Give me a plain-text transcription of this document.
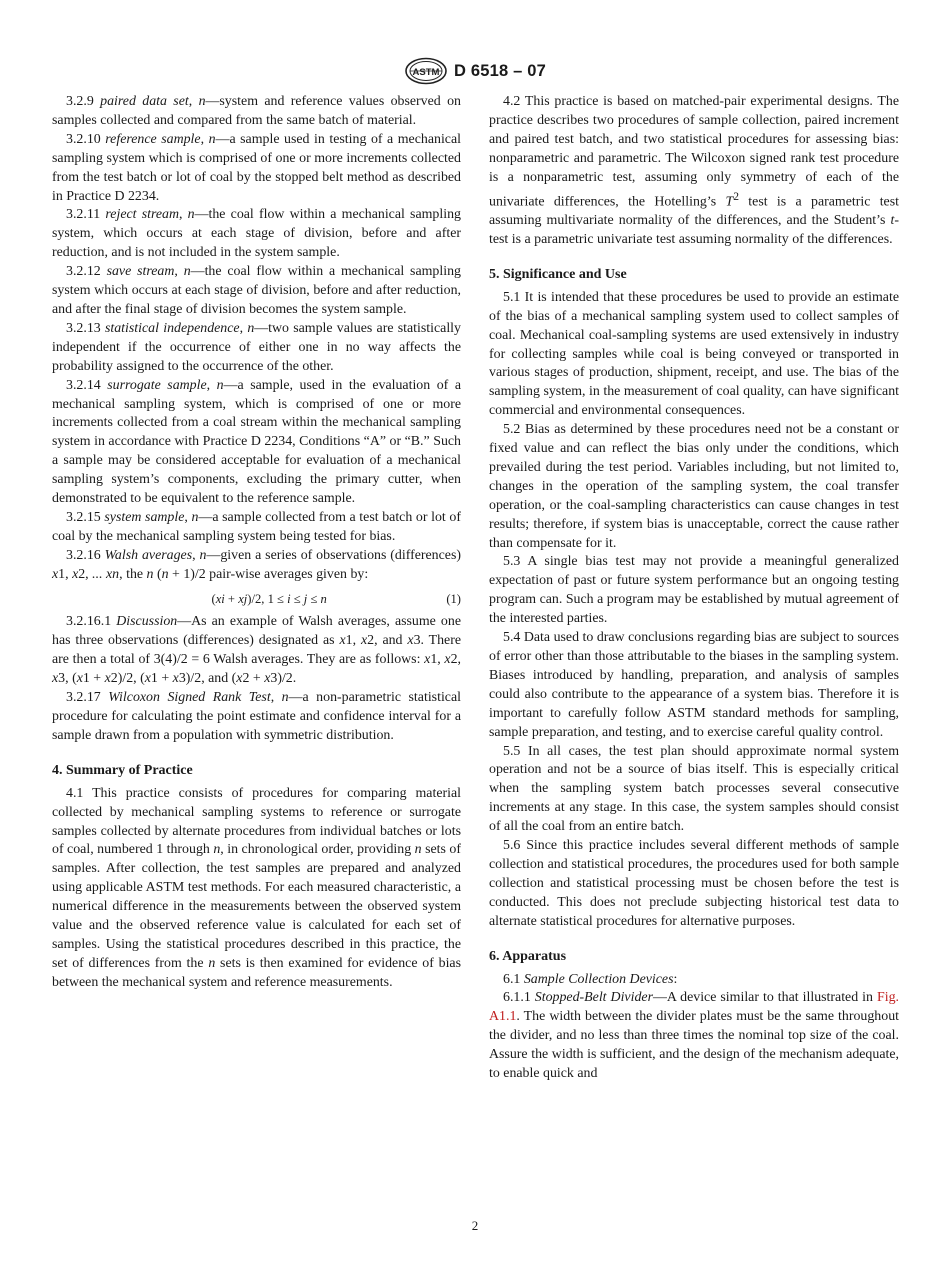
ASTM D 6518 – 07

3.2.9 paired data set, n—system and reference values observed on samples collected and compared from the same batch of material.

3.2.10 reference sample, n—a sample used in testing of a mechanical sampling system which is comprised of one or more increments collected from the test batch or lot of coal by the stopped belt method as described in Practice D 2234.

3.2.11 reject stream, n—the coal flow within a mechanical sampling system, which occurs at each stage of division, before and after reduction, and is not included in the system sample.

3.2.12 save stream, n—the coal flow within a mechanical sampling system which occurs at each stage of division, before and after reduction, and after the final stage of division becomes the system sample.

3.2.13 statistical independence, n—two sample values are statistically independent if the occurrence of either one in no way affects the probability assigned to the occurrence of the other.

3.2.14 surrogate sample, n—a sample, used in the evaluation of a mechanical sampling system, which is comprised of one or more increments collected from a coal stream within the mechanical sampling system in accordance with Practice D 2234, Conditions “A” or “B.” Such a sample may be considered acceptable for evaluation of a mechanical sampling system’s components, excluding the primary cutter, when demonstrated to be equivalent to the reference sample.

3.2.15 system sample, n—a sample collected from a test batch or lot of coal by the mechanical sampling system being tested for bias.

3.2.16 Walsh averages, n—given a series of observations (differences) x1, x2, ... xn, the n (n + 1)/2 pair-wise averages given by:

(xi + xj)/2, 1 ≤ i ≤ j ≤ n	(1)

3.2.16.1 Discussion—As an example of Walsh averages, assume one has three observations (differences) designated as x1, x2, and x3. There are then a total of 3(4)/2 = 6 Walsh averages. They are as follows: x1, x2, x3, (x1 + x2)/2, (x1 + x3)/2, and (x2 + x3)/2.

3.2.17 Wilcoxon Signed Rank Test, n—a non-parametric statistical procedure for calculating the point estimate and confidence interval for a sample drawn from a population with symmetric distribution.

4. Summary of Practice

4.1 This practice consists of procedures for comparing material collected by mechanical sampling systems to reference or surrogate samples collected by alternate procedures from individual batches or lots of coal, numbered 1 through n, in chronological order, providing n sets of samples. After collection, the test samples are prepared and analyzed using applicable ASTM test methods. For each measured characteristic, a numerical difference in the measurements between the observed system value and the observed reference value is calculated for each set of samples. Using the statistical procedures described in this practice, the set of differences from the n sets is then examined for evidence of bias between the mechanical system and reference measurements.

4.2 This practice is based on matched-pair experimental designs. The practice describes two procedures of sample collection, paired increment and paired test batch, and two statistical procedures for assessing bias: nonparametric and parametric. The Wilcoxon signed rank test procedure is a nonparametric test, assuming only symmetry of each of the univariate differences, the Hotelling’s $T^2$ test is a parametric test assuming multivariate normality of the differences, and the Student’s t-test is a parametric univariate test assuming normality of the differences.

5. Significance and Use

5.1 It is intended that these procedures be used to provide an estimate of the bias of a mechanical sampling system used to collect samples of coal. Mechanical coal-sampling systems are used extensively in industry for collecting samples while coal is being conveyed or transported in various stages of production, shipment, receipt, and use. The bias of the sampling system, in the measurement of coal quality, can have significant commercial and environmental consequences.

5.2 Bias as determined by these procedures need not be a constant or fixed value and can reflect the bias only under the conditions, which prevailed during the test period. Variables including, but not limited to, changes in the operation of the sampling system, the coal transfer operation, or the coal-sampling characteristics can cause changes in test results; therefore, if system bias is unacceptable, correct the cause rather than compensate for it.

5.3 A single bias test may not provide a meaningful generalized expectation of past or future system performance but an ongoing testing program can. Such a program may be established by mutual agreement of the interested parties.

5.4 Data used to draw conclusions regarding bias are subject to sources of error other than those attributable to the biases in the sampling system. Biases introduced by handling, preparation, and analysis of samples could also contribute to the appearance of a system bias. Therefore it is important to carefully follow ASTM standard methods for sampling, sample preparation, and testing, and to exercise careful quality control.

5.5 In all cases, the test plan should approximate normal system operation and not be a source of bias itself. This is especially critical when the sampling system batch processes several consecutive increments at any stage. In this case, the system samples should consist of all the coal from an entire batch.

5.6 Since this practice includes several different methods of sample collection and statistical procedures, the procedures used for both sample collection and statistical processing must be chosen before the test is conducted. This does not preclude subjecting historical test data to alternate statistical procedures for alternative purposes.

6. Apparatus

6.1 Sample Collection Devices:

6.1.1 Stopped-Belt Divider—A device similar to that illustrated in Fig. A1.1. The width between the divider plates must be the same throughout the divider, and no less than three times the nominal top size of the coal. Assure the width is sufficient, and the design of the mechanism adequate, to enable quick and

2
